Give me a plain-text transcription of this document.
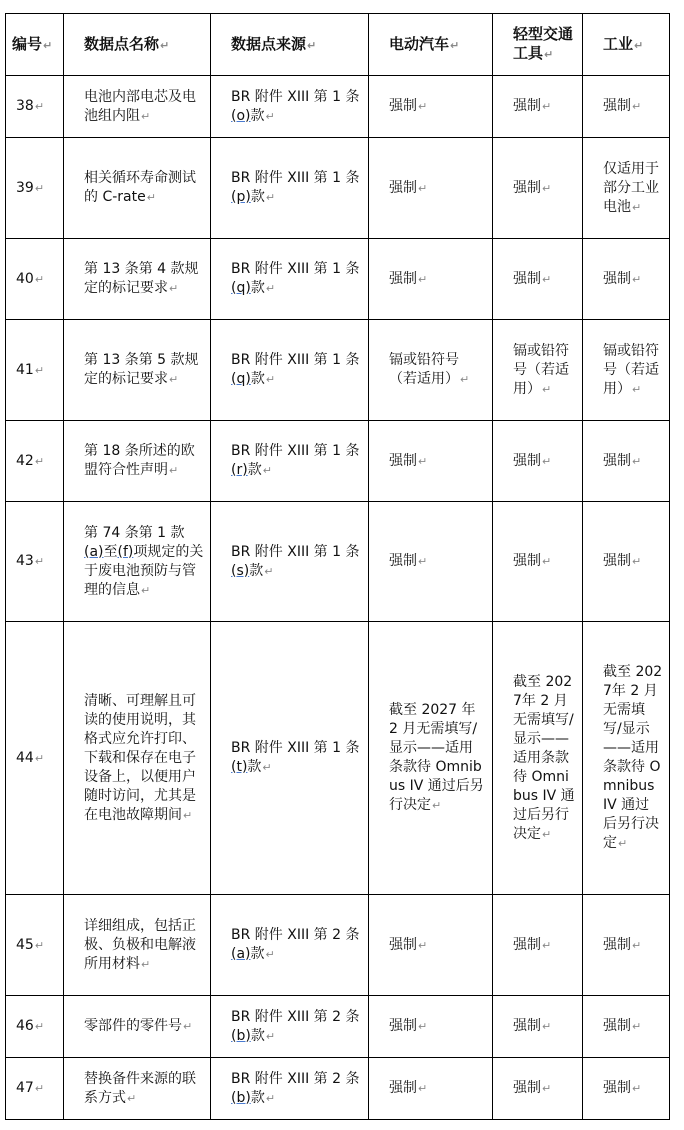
编号↵	数据点名称↵	数据点来源↵	电动汽车↵	轻型交通工具↵	工业↵
38↵	电池内部电芯及电池组内阻↵	BR 附件 XIII 第 1 条(o)款↵	强制↵	强制↵	强制↵
39↵	相关循环寿命测试的 C-rate↵	BR 附件 XIII 第 1 条(p)款↵	强制↵	强制↵	仅适用于部分工业电池↵
40↵	第 13 条第 4 款规定的标记要求↵	BR 附件 XIII 第 1 条(q)款↵	强制↵	强制↵	强制↵
41↵	第 13 条第 5 款规定的标记要求↵	BR 附件 XIII 第 1 条(q)款↵	镉或铅符号（若适用）↵	镉或铅符号（若适用）↵	镉或铅符号（若适用）↵
42↵	第 18 条所述的欧盟符合性声明↵	BR 附件 XIII 第 1 条(r)款↵	强制↵	强制↵	强制↵
43↵	第 74 条第 1 款(a)至(f)项规定的关于废电池预防与管理的信息↵	BR 附件 XIII 第 1 条(s)款↵	强制↵	强制↵	强制↵
44↵	清晰、可理解且可读的使用说明，其格式应允许打印、下载和保存在电子设备上，以便用户随时访问，尤其是在电池故障期间↵	BR 附件 XIII 第 1 条(t)款↵	截至 2027 年 2 月无需填写/显示——适用条款待 Omnibus IV 通过后另行决定↵	截至 2027年 2 月无需填写/显示——适用条款待 Omnibus IV 通过后另行决定↵	截至 2027年 2 月无需填写/显示——适用条款待 Omnibus IV 通过后另行决定↵
45↵	详细组成，包括正极、负极和电解液所用材料↵	BR 附件 XIII 第 2 条(a)款↵	强制↵	强制↵	强制↵
46↵	零部件的零件号↵	BR 附件 XIII 第 2 条(b)款↵	强制↵	强制↵	强制↵
47↵	替换备件来源的联系方式↵	BR 附件 XIII 第 2 条(b)款↵	强制↵	强制↵	强制↵
